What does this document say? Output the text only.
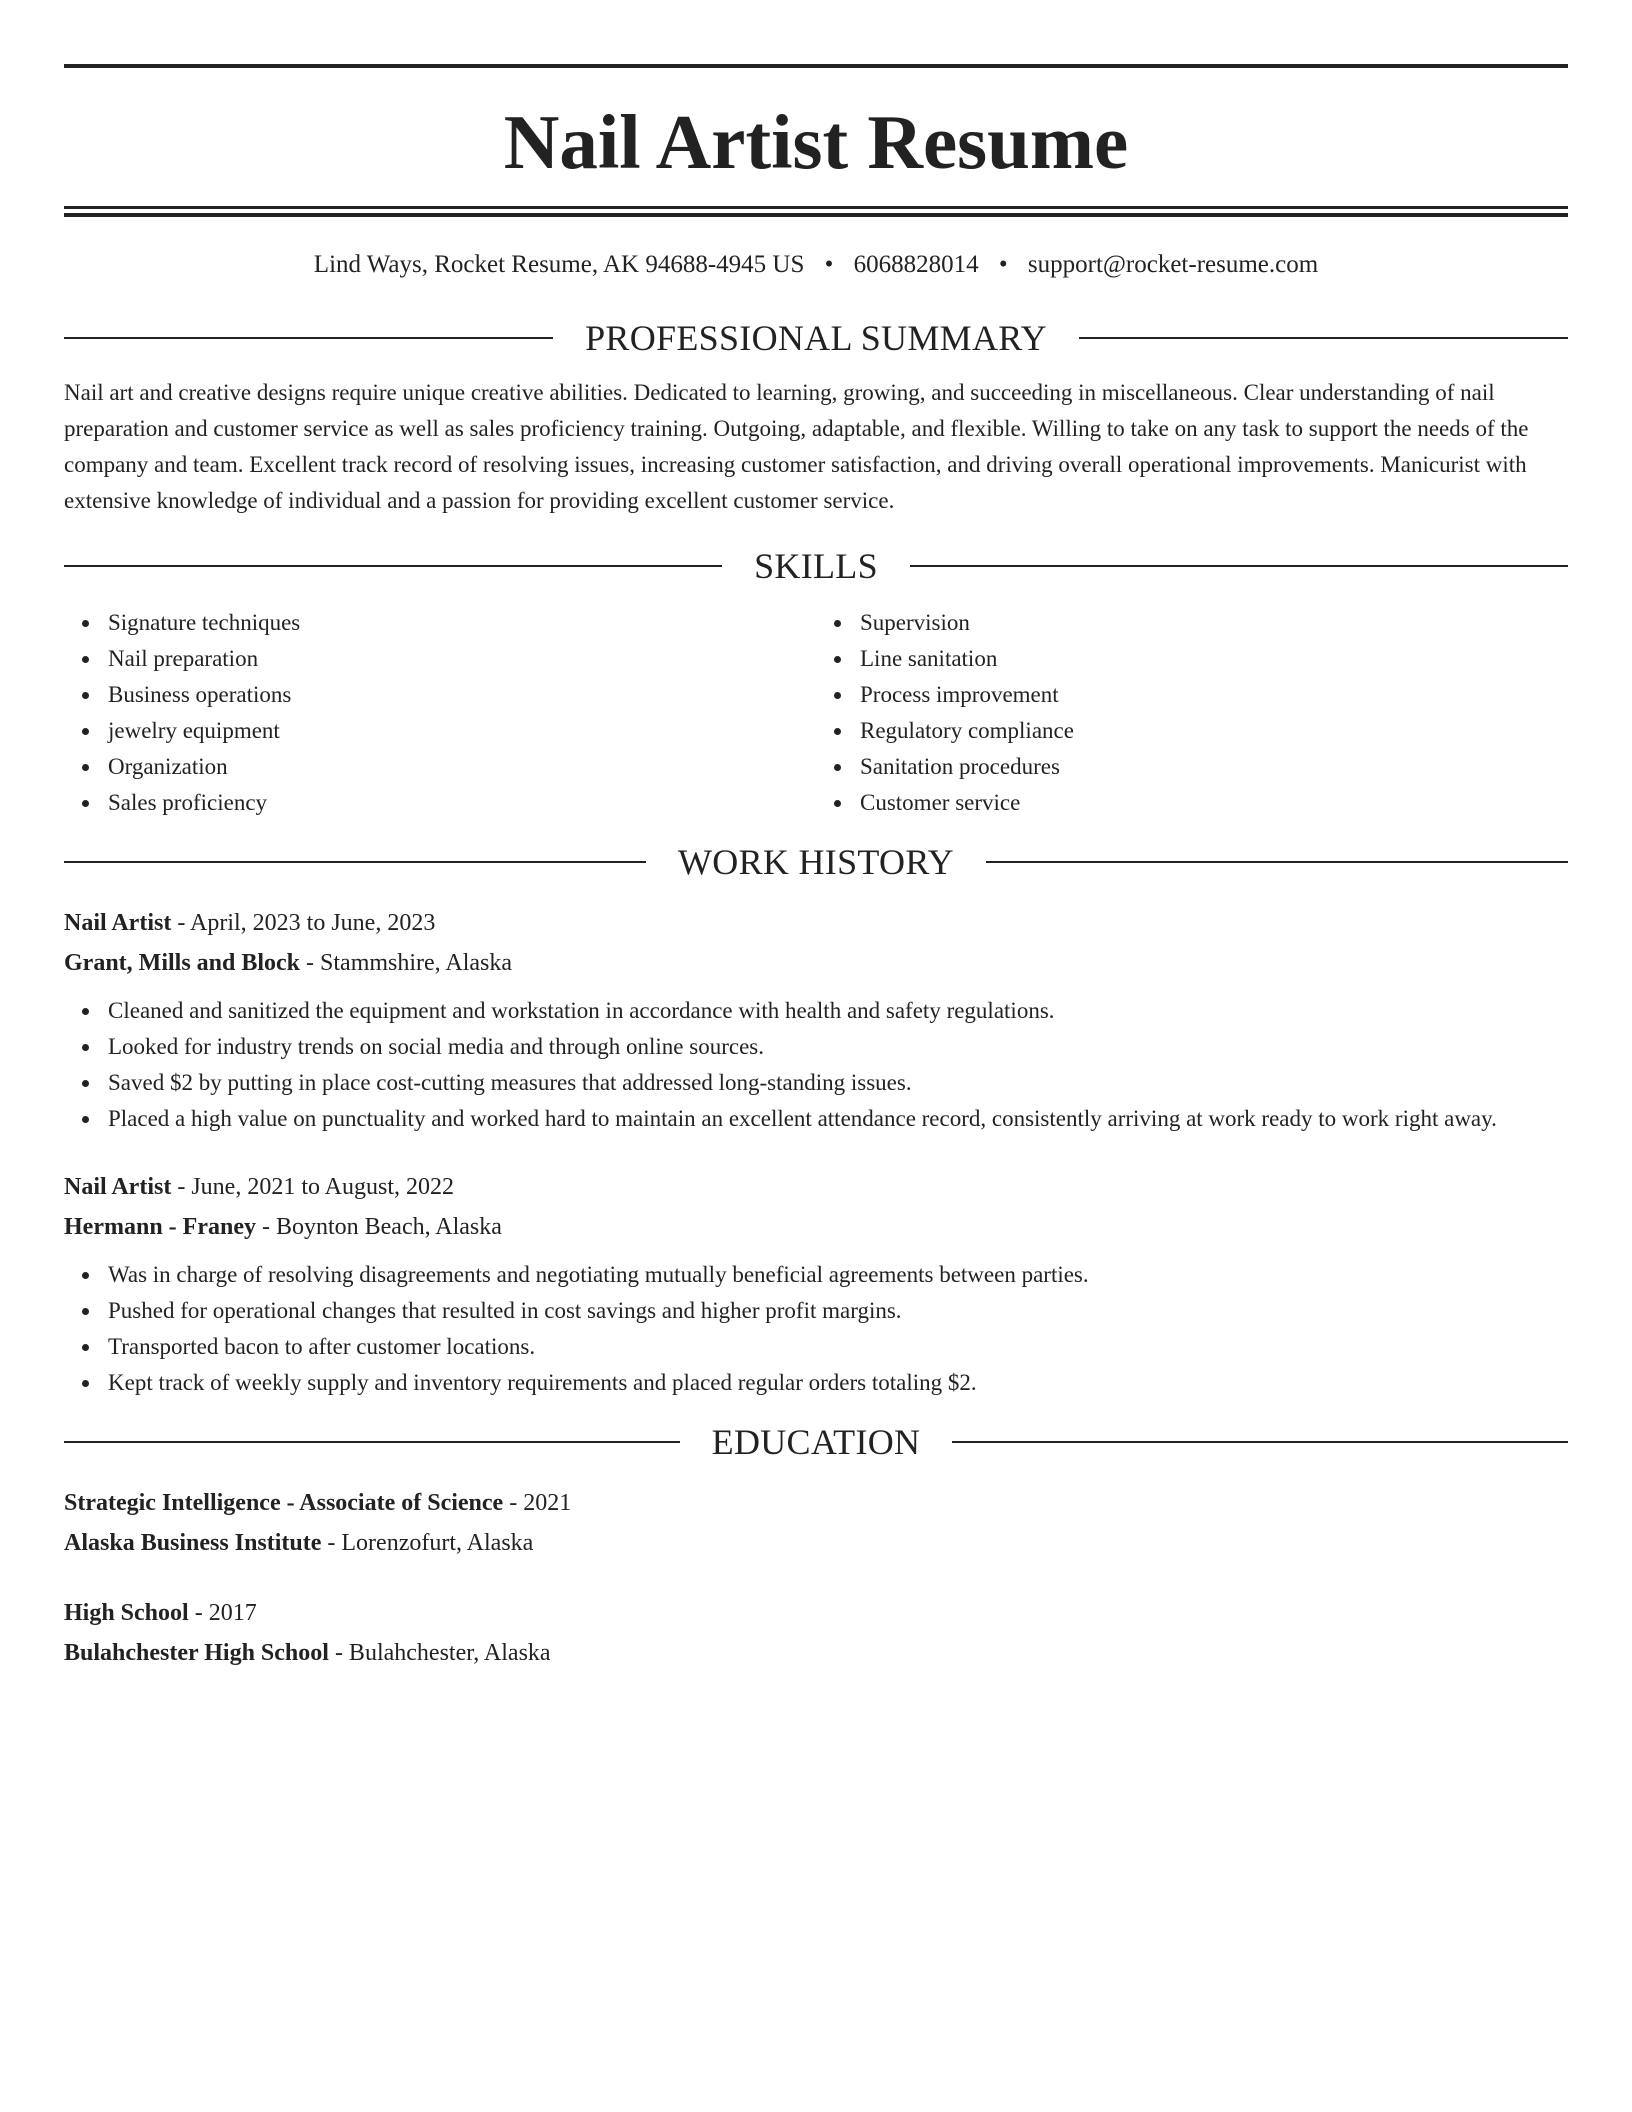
Nail Artist Resume
Lind Ways, Rocket Resume, AK 94688-4945 US • 6068828014 • support@rocket-resume.com
PROFESSIONAL SUMMARY

Nail art and creative designs require unique creative abilities. Dedicated to learning, growing, and succeeding in miscellaneous. Clear understanding of nail preparation and customer service as well as sales proficiency training. Outgoing, adaptable, and flexible. Willing to take on any task to support the needs of the company and team. Excellent track record of resolving issues, increasing customer satisfaction, and driving overall operational improvements. Manicurist with extensive knowledge of individual and a passion for providing excellent customer service.

SKILLS
Signature techniques
Nail preparation
Business operations
jewelry equipment
Organization
Sales proficiency
Supervision
Line sanitation
Process improvement
Regulatory compliance
Sanitation procedures
Customer service
WORK HISTORY
Nail Artist - April, 2023 to June, 2023
Grant, Mills and Block - Stammshire, Alaska
Cleaned and sanitized the equipment and workstation in accordance with health and safety regulations.
Looked for industry trends on social media and through online sources.
Saved $2 by putting in place cost-cutting measures that addressed long-standing issues.
Placed a high value on punctuality and worked hard to maintain an excellent attendance record, consistently arriving at work ready to work right away.
Nail Artist - June, 2021 to August, 2022
Hermann - Franey - Boynton Beach, Alaska
Was in charge of resolving disagreements and negotiating mutually beneficial agreements between parties.
Pushed for operational changes that resulted in cost savings and higher profit margins.
Transported bacon to after customer locations.
Kept track of weekly supply and inventory requirements and placed regular orders totaling $2.
EDUCATION
Strategic Intelligence - Associate of Science - 2021
Alaska Business Institute - Lorenzofurt, Alaska
High School - 2017
Bulahchester High School - Bulahchester, Alaska
